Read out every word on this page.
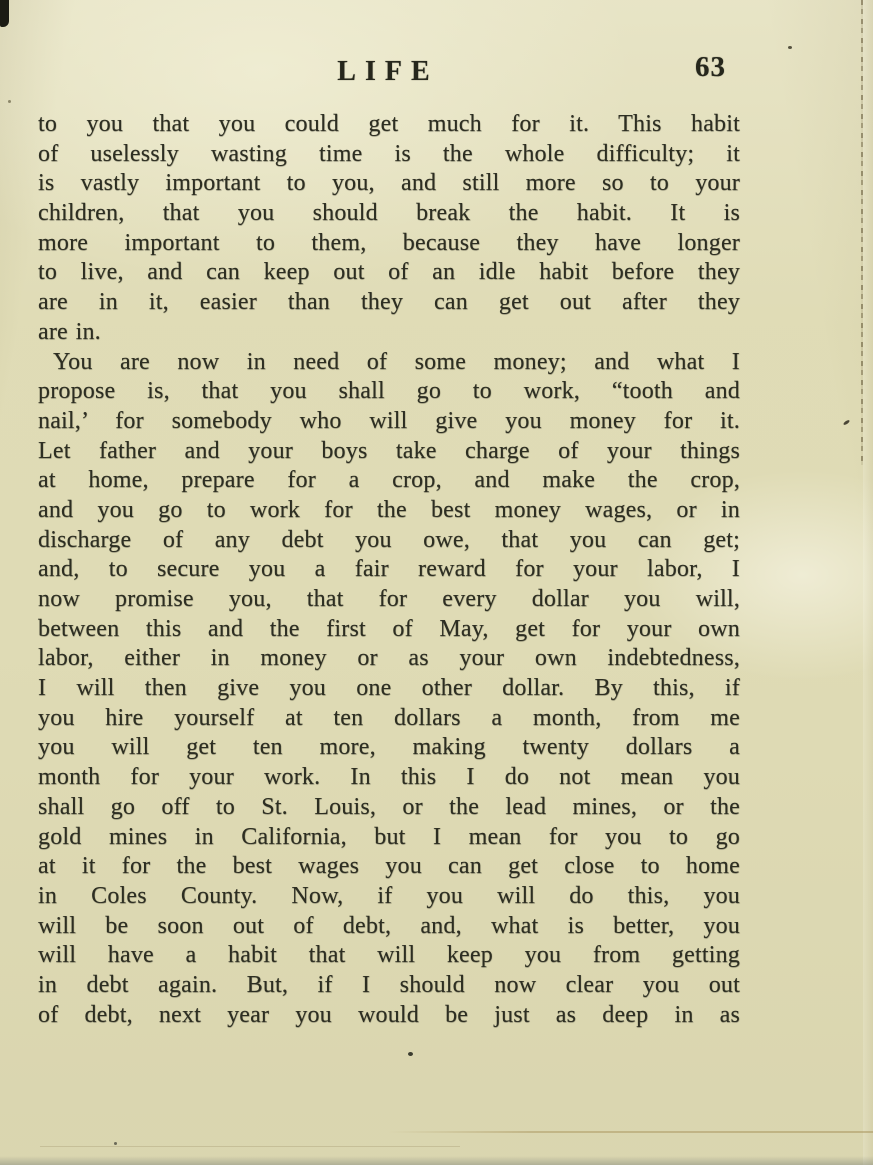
LIFE	63
to you that you could get much for it. This habit
of uselessly wasting time is the whole difficulty; it
is vastly important to you, and still more so to your
children, that you should break the habit. It is
more important to them, because they have longer
to live, and can keep out of an idle habit before they
are in it, easier than they can get out after they
are in.
You are now in need of some money; and what I
propose is, that you shall go to work, “tooth and
nail,’ for somebody who will give you money for it.
Let father and your boys take charge of your things
at home, prepare for a crop, and make the crop,
and you go to work for the best money wages, or in
discharge of any debt you owe, that you can get;
and, to secure you a fair reward for your labor, I
now promise you, that for every dollar you will,
between this and the first of May, get for your own
labor, either in money or as your own indebtedness,
I will then give you one other dollar. By this, if
you hire yourself at ten dollars a month, from me
you will get ten more, making twenty dollars a
month for your work. In this I do not mean you
shall go off to St. Louis, or the lead mines, or the
gold mines in California, but I mean for you to go
at it for the best wages you can get close to home
in Coles County. Now, if you will do this, you
will be soon out of debt, and, what is better, you
will have a habit that will keep you from getting
in debt again. But, if I should now clear you out
of debt, next year you would be just as deep in as
